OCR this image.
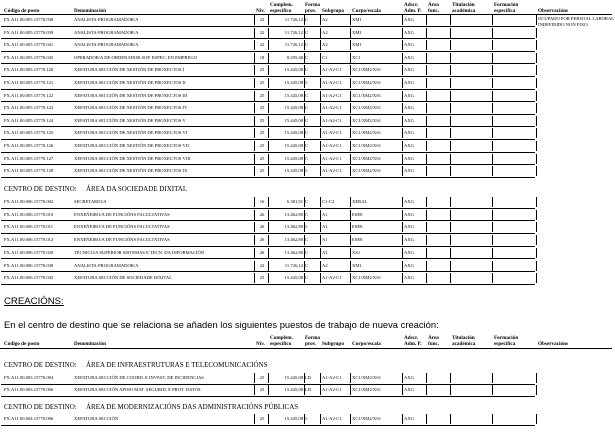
Complem. Forma	Adscr. Área	Titulación	Formación
Código de posto	Denominación	Nív. específico	prov. Subgrupo Corpo/escala	Adm. P. func. académica	específica	Observacións
FX.A11.00.005.15770.038	ANALISTA-PROGRAMADOR/A	22	11.726,12 C	A2	XM1	AXG
FX.A11.00.005.15770.039	ANALISTA-PROGRAMADOR/A	22	11.726,12 C	A2	XM1	AXG
FX.A11.00.005.15770.041	ANALISTA-PROGRAMADOR/A	22	11.726,12 C	A2	XM1	AXG
FX.A11.00.005.15770.045	OPERADOR/A DE ORDENADOR SOP. ESPEC. EN EMPREGO	18	8.295,46 C	C1	XC1	AXG
FX.A11.00.005.15770.120	XEFATURA SECCIÓN DE XESTIÓN DE PROXECTOS I	25	15.445,08 C	A1-A2-C1 XC1/XM2/XS1	AXG
FX.A11.00.005.15770.121	XEFATURA SECCIÓN DE XESTIÓN DE PROXECTOS II	25	15.445,08 C	A1-A2-C1 XC1/XM2/XS1	AXG
FX.A11.00.005.15770.122	XEFATURA SECCIÓN DE XESTIÓN DE PROXECTOS III	25	15.445,08 C	A1-A2-C1 XC1/XM2/XS1	AXG
FX.A11.00.005.15770.123	XEFATURA SECCIÓN DE XESTIÓN DE PROXECTOS IV	25	15.445,08 C	A1-A2-C1 XC1/XM2/XS1	AXG
FX.A11.00.005.15770.124	XEFATURA SECCIÓN DE XESTIÓN DE PROXECTOS V	25	15.445,08 C	A1-A2-C1 XC1/XM2/XS1	AXG
FX.A11.00.005.15770.125	XEFATURA SECCIÓN DE XESTIÓN DE PROXECTOS VI	25	15.445,08 C	A1-A2-C1 XC1/XM2/XS1	AXG
FX.A11.00.005.15770.126	XEFATURA SECCIÓN DE XESTIÓN DE PROXECTOS VII	25	15.445,08 C	A1-A2-C1 XC1/XM2/XS1	AXG
FX.A11.00.005.15770.127	XEFATURA SECCIÓN DE XESTIÓN DE PROXECTOS VIII	25	15.445,08 C	A1-A2-C1 XC1/XM2/XS1	AXG
FX.A11.00.005.15770.128	XEFATURA SECCIÓN DE XESTIÓN DE PROXECTOS IX	25	15.445,08 C	A1-A2-C1 XC1/XM2/XS1	AXG
OCUPADO POR PERSOAL LABORAL INDEFINIDO NON FIXO.
CENTRO DE DESTINO: ÁREA DA SOCIEDADE DIXITAL
FX.A11.00.006.15770.002	SECRETARIO/A	16	6.381,91 C	C1-C2	XERAL	AXG
FX.A11.00.006.15770.010	ENXEÑEIRO/A DE FUNCIÓNS FACULTATIVAS	26	13.462,80 C	A1	ESE8	AXG
FX.A11.00.006.15770.011	ENXEÑEIRO/A DE FUNCIÓNS FACULTATIVAS	26	13.462,80 C	A1	ESE8	AXG
FX.A11.00.006.15770.012	ENXEÑEIRO/A DE FUNCIÓNS FACULTATIVAS	26	13.462,80 C	A1	ESE8	AXG
FX.A11.00.006.15770.020	TÉCNICO/A SUPERIOR SISTEMAS E TECN. DA INFORMACIÓN	26	13.462,80 C	A1	XS1	AXG
FX.A11.00.006.15770.030	ANALISTA-PROGRAMADOR/A	22	11.726,12 C	A2	XM1	AXG
FX.A11.00.006.15770.045	XEFATURA SECCIÓN DE SOCIEDADE DIXITAL	25	15.445,08 C	A1-A2-C1 XC1/XM2/XS1	AXG
CREACIÓNS:
En el centro de destino que se relaciona se añaden los siguientes puestos de trabajo de nueva creación:
Complem. Forma	Adscr. Área	Titulación	Formación
Código de posto	Denominación	Nív. específico	prov. Subgrupo Corpo/escala	Adm. P. func. académica	específica	Observacións
CENTRO DE DESTINO: ÁREA DE INFRAESTRUTURAS E TELECOMUNICACIÓNS
FX.A11.00.003.15770.004	XEFATURA SECCIÓN DE COORD. E INVEST. DE INCIDENCIAS	25	15.445,08 LD A1-A2-C1 XC1/XM2/XS1	AXG
FX.A11.00.003.15770.006	XEFATURA SECCIÓN APOIO MAT. SEGURID. E PROT. DATOS	25	15.445,08 LD A1-A2-C1 XC1/XM2/XS1	AXG
CENTRO DE DESTINO: ÁREA DE MODERNIZACIÓNS DAS ADMINISTRACIÓNS PÚBLICAS
FX.A11.00.004.15770.006	XEFATURA SECCIÓN	25	15.445,08 C	A1-A2-C1 XC1/XM2/XS1	AXG
